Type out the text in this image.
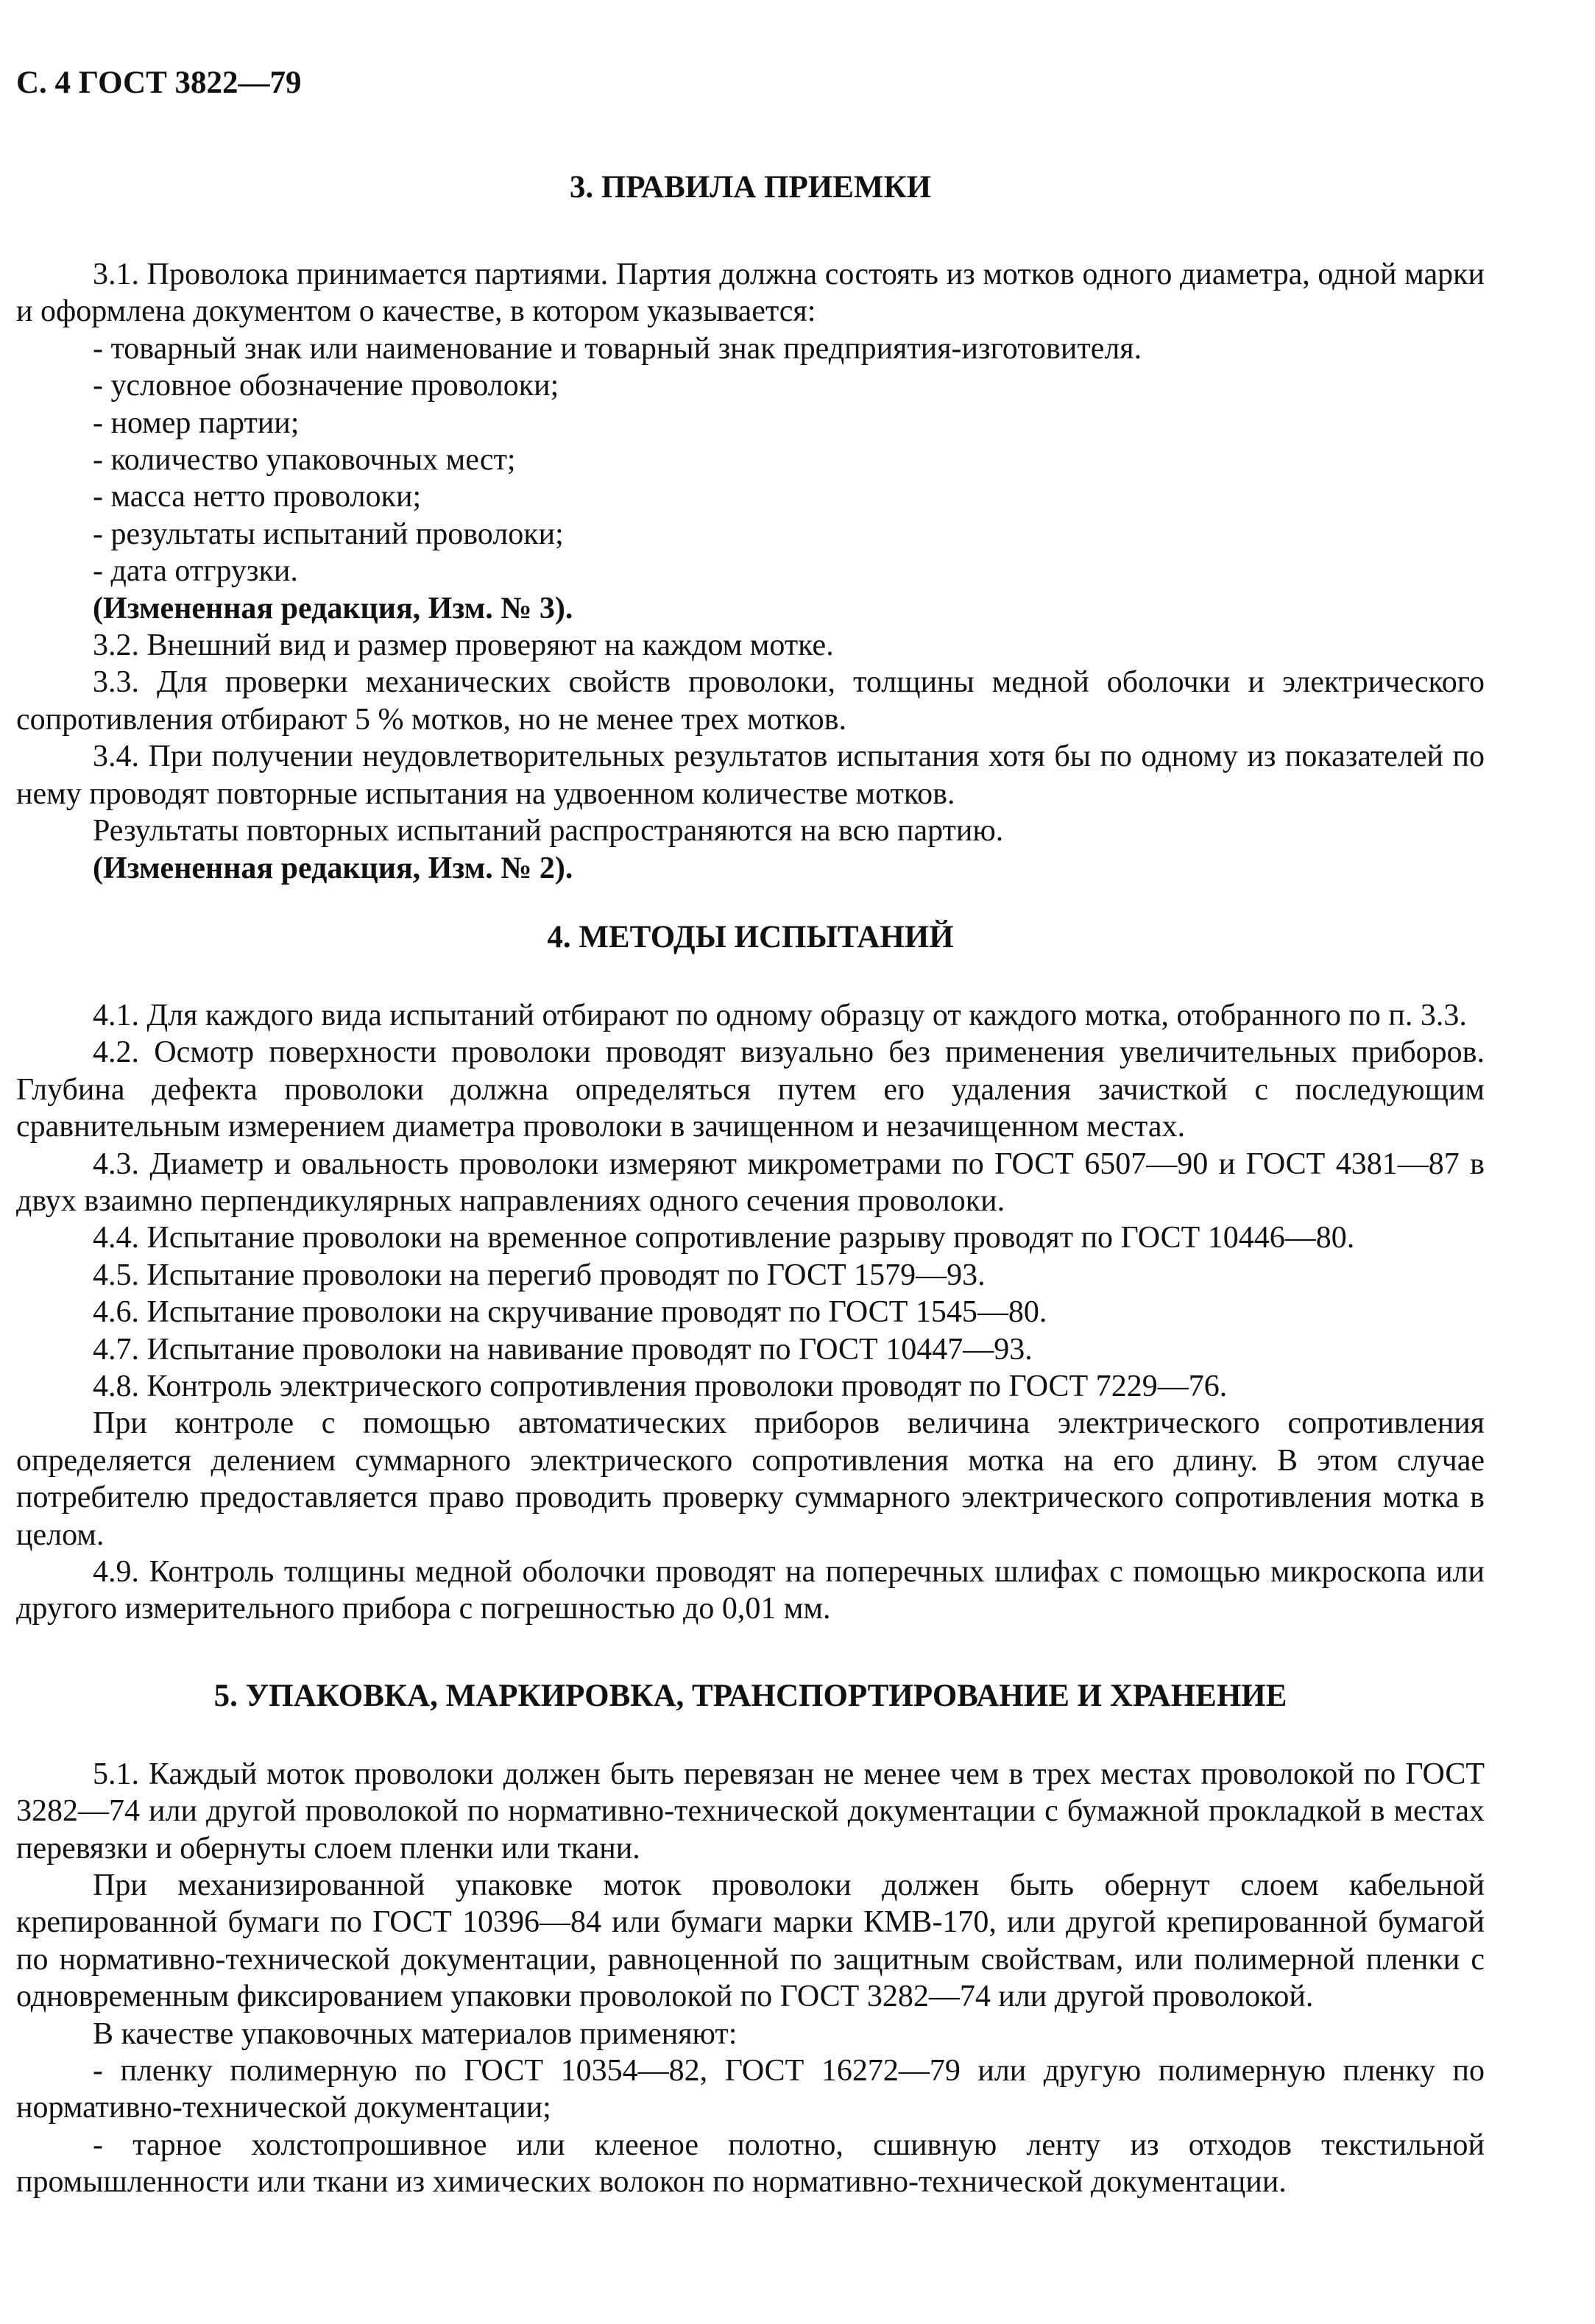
С. 4 ГОСТ 3822—79
3. ПРАВИЛА ПРИЕМКИ

3.1. Проволока принимается партиями. Партия должна состоять из мотков одного диаметра, одной марки и оформлена документом о качестве, в котором указывается:

- товарный знак или наименование и товарный знак предприятия-изготовителя.
- условное обозначение проволоки;
- номер партии;
- количество упаковочных мест;
- масса нетто проволоки;
- результаты испытаний проволоки;
- дата отгрузки.
(Измененная редакция, Изм. № 3).

3.2. Внешний вид и размер проверяют на каждом мотке.

3.3. Для проверки механических свойств проволоки, толщины медной оболочки и электрического сопротивления отбирают 5 % мотков, но не менее трех мотков.

3.4. При получении неудовлетворительных результатов испытания хотя бы по одному из показателей по нему проводят повторные испытания на удвоенном количестве мотков.

Результаты повторных испытаний распространяются на всю партию.

(Измененная редакция, Изм. № 2).
4. МЕТОДЫ ИСПЫТАНИЙ

4.1. Для каждого вида испытаний отбирают по одному образцу от каждого мотка, отобранного по п. 3.3.

4.2. Осмотр поверхности проволоки проводят визуально без применения увеличительных приборов. Глубина дефекта проволоки должна определяться путем его удаления зачисткой с последующим сравнительным измерением диаметра проволоки в зачищенном и незачищенном местах.

4.3. Диаметр и овальность проволоки измеряют микрометрами по ГОСТ 6507—90 и ГОСТ 4381—87 в двух взаимно перпендикулярных направлениях одного сечения проволоки.

4.4. Испытание проволоки на временное сопротивление разрыву проводят по ГОСТ 10446—80.

4.5. Испытание проволоки на перегиб проводят по ГОСТ 1579—93.

4.6. Испытание проволоки на скручивание проводят по ГОСТ 1545—80.

4.7. Испытание проволоки на навивание проводят по ГОСТ 10447—93.

4.8. Контроль электрического сопротивления проволоки проводят по ГОСТ 7229—76.

При контроле с помощью автоматических приборов величина электрического сопротивления определяется делением суммарного электрического сопротивления мотка на его длину. В этом случае потребителю предоставляется право проводить проверку суммарного электрического сопротивления мотка в целом.

4.9. Контроль толщины медной оболочки проводят на поперечных шлифах с помощью микроскопа или другого измерительного прибора с погрешностью до 0,01 мм.

5. УПАКОВКА, МАРКИРОВКА, ТРАНСПОРТИРОВАНИЕ И ХРАНЕНИЕ

5.1. Каждый моток проволоки должен быть перевязан не менее чем в трех местах проволокой по ГОСТ 3282—74 или другой проволокой по нормативно-технической документации с бумажной прокладкой в местах перевязки и обернуты слоем пленки или ткани.

При механизированной упаковке моток проволоки должен быть обернут слоем кабельной крепированной бумаги по ГОСТ 10396—84 или бумаги марки КМВ-170, или другой крепированной бумагой по нормативно-технической документации, равноценной по защитным свойствам, или полимерной пленки с одновременным фиксированием упаковки проволокой по ГОСТ 3282—74 или другой проволокой.

В качестве упаковочных материалов применяют:

- пленку полимерную по ГОСТ 10354—82, ГОСТ 16272—79 или другую полимерную пленку по нормативно-технической документации;

- тарное холстопрошивное или клееное полотно, сшивную ленту из отходов текстильной промышленности или ткани из химических волокон по нормативно-технической документации.
